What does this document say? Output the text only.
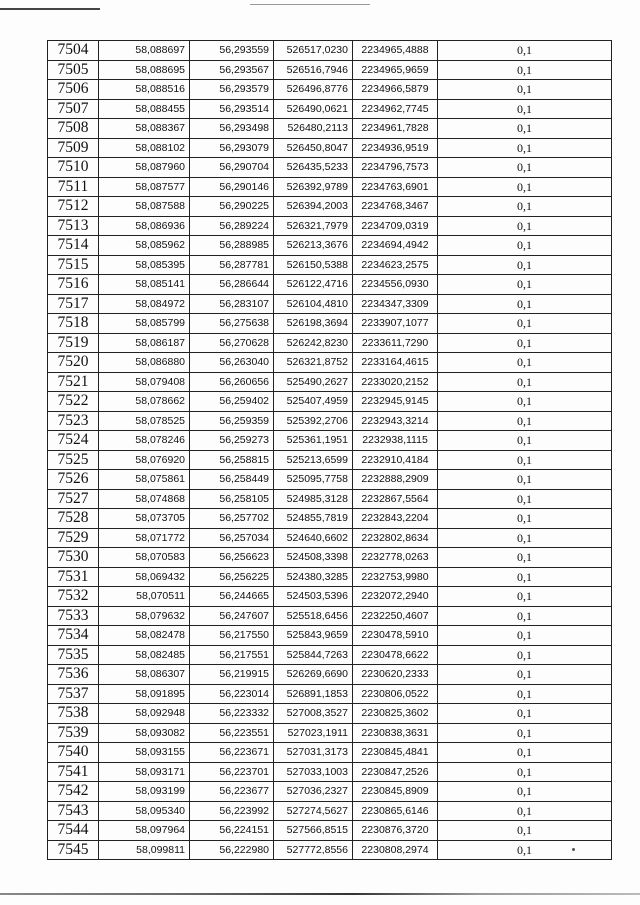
7504	58,088697	56,293559	526517,0230	2234965,4888	0,1
7505	58,088695	56,293567	526516,7946	2234965,9659	0,1
7506	58,088516	56,293579	526496,8776	2234966,5879	0,1
7507	58,088455	56,293514	526490,0621	2234962,7745	0,1
7508	58,088367	56,293498	526480,2113	2234961,7828	0,1
7509	58,088102	56,293079	526450,8047	2234936,9519	0,1
7510	58,087960	56,290704	526435,5233	2234796,7573	0,1
7511	58,087577	56,290146	526392,9789	2234763,6901	0,1
7512	58,087588	56,290225	526394,2003	2234768,3467	0,1
7513	58,086936	56,289224	526321,7979	2234709,0319	0,1
7514	58,085962	56,288985	526213,3676	2234694,4942	0,1
7515	58,085395	56,287781	526150,5388	2234623,2575	0,1
7516	58,085141	56,286644	526122,4716	2234556,0930	0,1
7517	58,084972	56,283107	526104,4810	2234347,3309	0,1
7518	58,085799	56,275638	526198,3694	2233907,1077	0,1
7519	58,086187	56,270628	526242,8230	2233611,7290	0,1
7520	58,086880	56,263040	526321,8752	2233164,4615	0,1
7521	58,079408	56,260656	525490,2627	2233020,2152	0,1
7522	58,078662	56,259402	525407,4959	2232945,9145	0,1
7523	58,078525	56,259359	525392,2706	2232943,3214	0,1
7524	58,078246	56,259273	525361,1951	2232938,1115	0,1
7525	58,076920	56,258815	525213,6599	2232910,4184	0,1
7526	58,075861	56,258449	525095,7758	2232888,2909	0,1
7527	58,074868	56,258105	524985,3128	2232867,5564	0,1
7528	58,073705	56,257702	524855,7819	2232843,2204	0,1
7529	58,071772	56,257034	524640,6602	2232802,8634	0,1
7530	58,070583	56,256623	524508,3398	2232778,0263	0,1
7531	58,069432	56,256225	524380,3285	2232753,9980	0,1
7532	58,070511	56,244665	524503,5396	2232072,2940	0,1
7533	58,079632	56,247607	525518,6456	2232250,4607	0,1
7534	58,082478	56,217550	525843,9659	2230478,5910	0,1
7535	58,082485	56,217551	525844,7263	2230478,6622	0,1
7536	58,086307	56,219915	526269,6690	2230620,2333	0,1
7537	58,091895	56,223014	526891,1853	2230806,0522	0,1
7538	58,092948	56,223332	527008,3527	2230825,3602	0,1
7539	58,093082	56,223551	527023,1911	2230838,3631	0,1
7540	58,093155	56,223671	527031,3173	2230845,4841	0,1
7541	58,093171	56,223701	527033,1003	2230847,2526	0,1
7542	58,093199	56,223677	527036,2327	2230845,8909	0,1
7543	58,095340	56,223992	527274,5627	2230865,6146	0,1
7544	58,097964	56,224151	527566,8515	2230876,3720	0,1
7545	58,099811	56,222980	527772,8556	2230808,2974	0,1
